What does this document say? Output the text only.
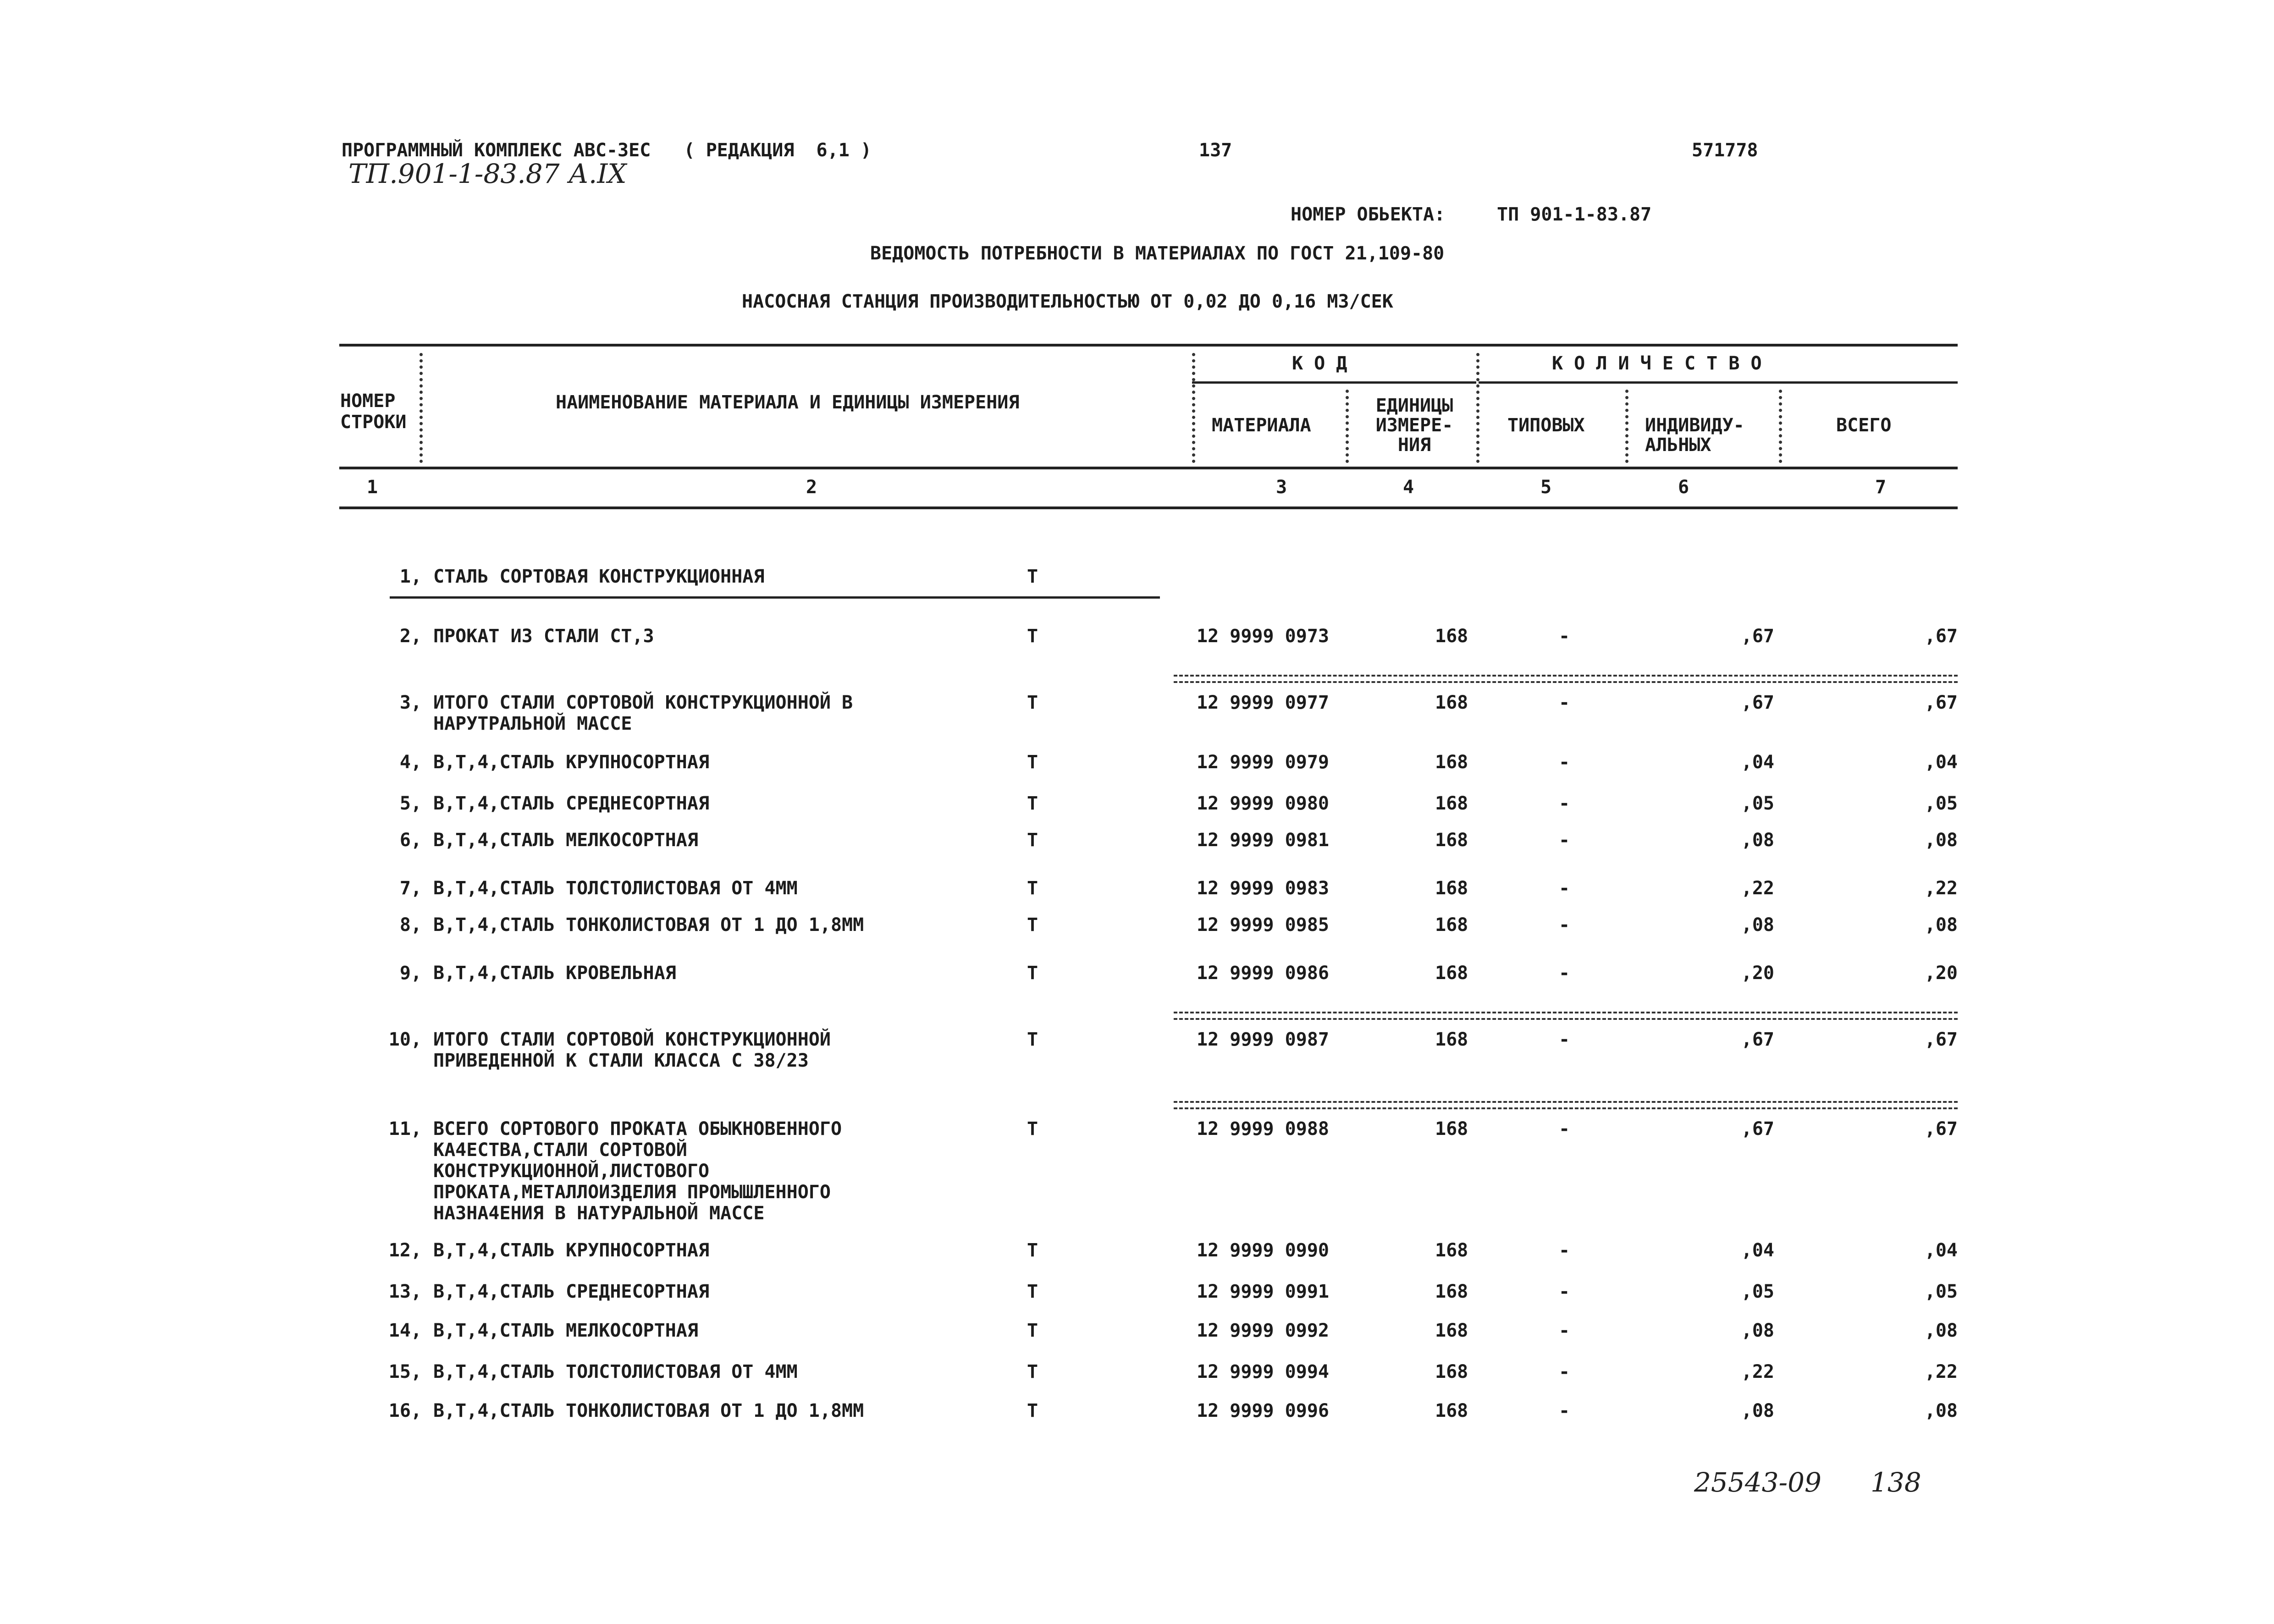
ПРОГРАММНЫЙ КОМПЛЕКС АВС-3ЕС   ( РЕДАКЦИЯ  6,1 )	137	571778
ТП.901-1-83.87 А.IX
НОМЕР ОБЬЕКТА:	ТП 901-1-83.87
ВЕДОМОСТЬ ПОТРЕБНОСТИ В МАТЕРИАЛАХ ПО ГОСТ 21,109-80
НАСОСНАЯ СТАНЦИЯ ПРОИЗВОДИТЕЛЬНОСТЬЮ ОТ 0,02 ДО 0,16 М3/СЕК
НОМЕР
СТРОКИ
НАИМЕНОВАНИЕ МАТЕРИАЛА И ЕДИНИЦЫ ИЗМЕРЕНИЯ
К О Д	К О Л И Ч Е С Т В О
МАТЕРИАЛА
ЕДИНИЦЫ
ИЗМЕРЕ-
НИЯ
ТИПОВЫХ	ИНДИВИДУ-
АЛЬНЫХ
ВСЕГО
1	2	3	4	5	6	7
1, СТАЛЬ СОРТОВАЯ КОНСТРУКЦИОННАЯ	Т
2, ПРОКАТ ИЗ СТАЛИ СТ,3	Т	12 9999 0973	168	-	,67	,67
3, ИТОГО СТАЛИ СОРТОВОЙ КОНСТРУКЦИОННОЙ В
НАРУТРАЛЬНОЙ МАССЕ
Т	12 9999 0977	168	-	,67	,67
4, В,Т,4,СТАЛЬ КРУПНОСОРТНАЯ	Т	12 9999 0979	168	-	,04	,04
5, В,Т,4,СТАЛЬ СРЕДНЕСОРТНАЯ	Т	12 9999 0980	168	-	,05	,05
6, В,Т,4,СТАЛЬ МЕЛКОСОРТНАЯ	Т	12 9999 0981	168	-	,08	,08
7, В,Т,4,СТАЛЬ ТОЛСТОЛИСТОВАЯ ОТ 4ММ	Т	12 9999 0983	168	-	,22	,22
8, В,Т,4,СТАЛЬ ТОНКОЛИСТОВАЯ ОТ 1 ДО 1,8ММ	Т	12 9999 0985	168	-	,08	,08
9, В,Т,4,СТАЛЬ КРОВЕЛЬНАЯ	Т	12 9999 0986	168	-	,20	,20
10, ИТОГО СТАЛИ СОРТОВОЙ КОНСТРУКЦИОННОЙ
ПРИВЕДЕННОЙ К СТАЛИ КЛАССА С 38/23
Т	12 9999 0987	168	-	,67	,67
11, ВСЕГО СОРТОВОГО ПРОКАТА ОБЫКНОВЕННОГО
КА4ЕСТВА,СТАЛИ СОРТОВОЙ
КОНСТРУКЦИОННОЙ,ЛИСТОВОГО
ПРОКАТА,МЕТАЛЛОИЗДЕЛИЯ ПРОМЫШЛЕННОГО
НАЗНА4ЕНИЯ В НАТУРАЛЬНОЙ МАССЕ
Т	12 9999 0988	168	-	,67	,67
12, В,Т,4,СТАЛЬ КРУПНОСОРТНАЯ	Т	12 9999 0990	168	-	,04	,04
13, В,Т,4,СТАЛЬ СРЕДНЕСОРТНАЯ	Т	12 9999 0991	168	-	,05	,05
14, В,Т,4,СТАЛЬ МЕЛКОСОРТНАЯ	Т	12 9999 0992	168	-	,08	,08
15, В,Т,4,СТАЛЬ ТОЛСТОЛИСТОВАЯ ОТ 4ММ	Т	12 9999 0994	168	-	,22	,22
16, В,Т,4,СТАЛЬ ТОНКОЛИСТОВАЯ ОТ 1 ДО 1,8ММ	Т	12 9999 0996	168	-	,08	,08
25543-09 138
